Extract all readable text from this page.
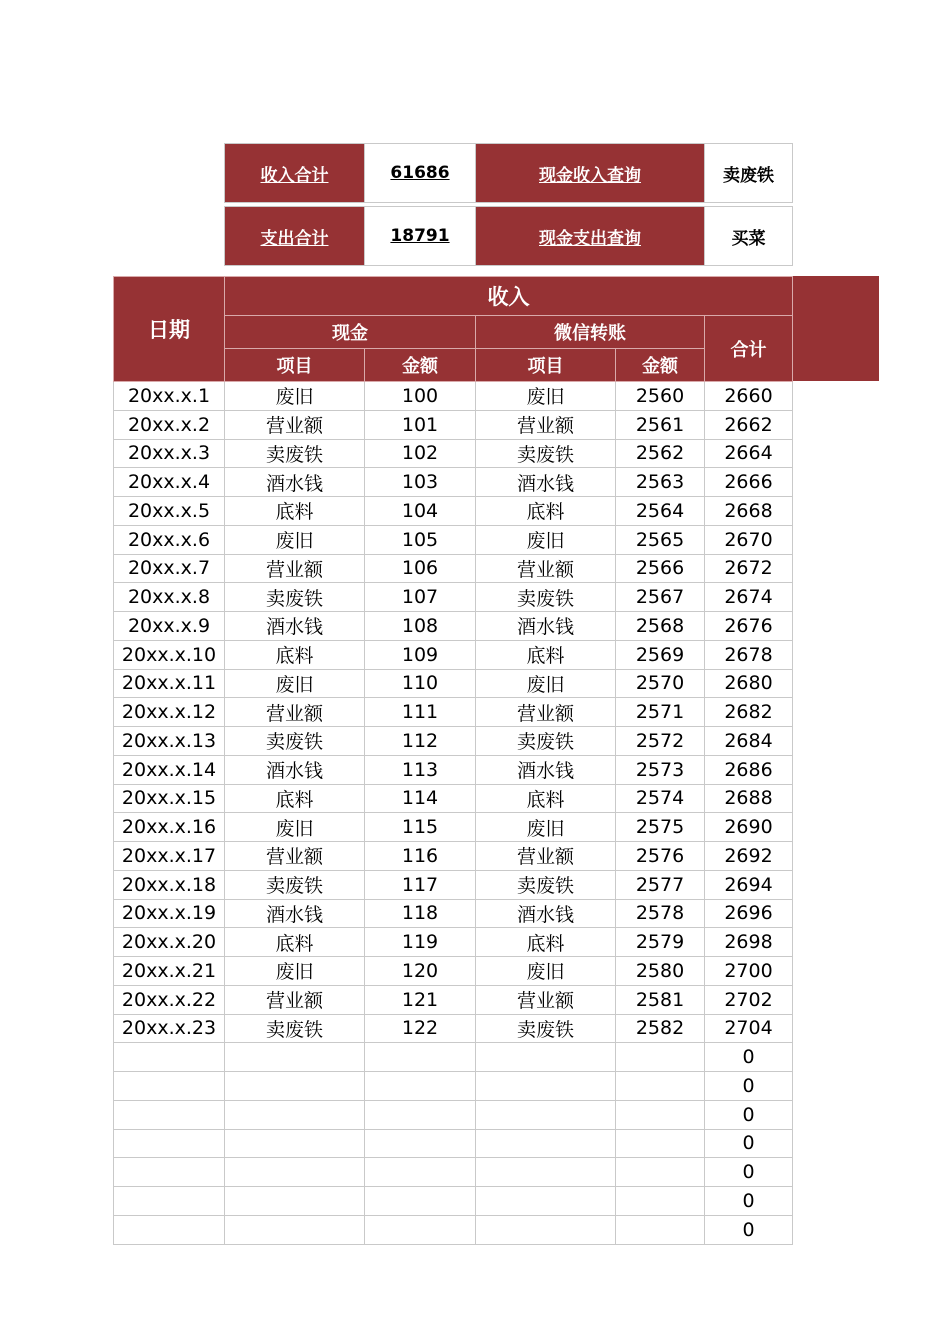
收入合计	61686	现金收入查询	卖废铁

支出合计	18791	现金支出查询	买菜
日期	收入				
	现金		微信转账		合计
	项目	金额	项目	金额	
20xx.x.1	废旧	100	废旧	2560	2660
20xx.x.2	营业额	101	营业额	2561	2662
20xx.x.3	卖废铁	102	卖废铁	2562	2664
20xx.x.4	酒水钱	103	酒水钱	2563	2666
20xx.x.5	底料	104	底料	2564	2668
20xx.x.6	废旧	105	废旧	2565	2670
20xx.x.7	营业额	106	营业额	2566	2672
20xx.x.8	卖废铁	107	卖废铁	2567	2674
20xx.x.9	酒水钱	108	酒水钱	2568	2676
20xx.x.10	底料	109	底料	2569	2678
20xx.x.11	废旧	110	废旧	2570	2680
20xx.x.12	营业额	111	营业额	2571	2682
20xx.x.13	卖废铁	112	卖废铁	2572	2684
20xx.x.14	酒水钱	113	酒水钱	2573	2686
20xx.x.15	底料	114	底料	2574	2688
20xx.x.16	废旧	115	废旧	2575	2690
20xx.x.17	营业额	116	营业额	2576	2692
20xx.x.18	卖废铁	117	卖废铁	2577	2694
20xx.x.19	酒水钱	118	酒水钱	2578	2696
20xx.x.20	底料	119	底料	2579	2698
20xx.x.21	废旧	120	废旧	2580	2700
20xx.x.22	营业额	121	营业额	2581	2702
20xx.x.23	卖废铁	122	卖废铁	2582	2704
					0
					0
					0
					0
					0
					0
					0
